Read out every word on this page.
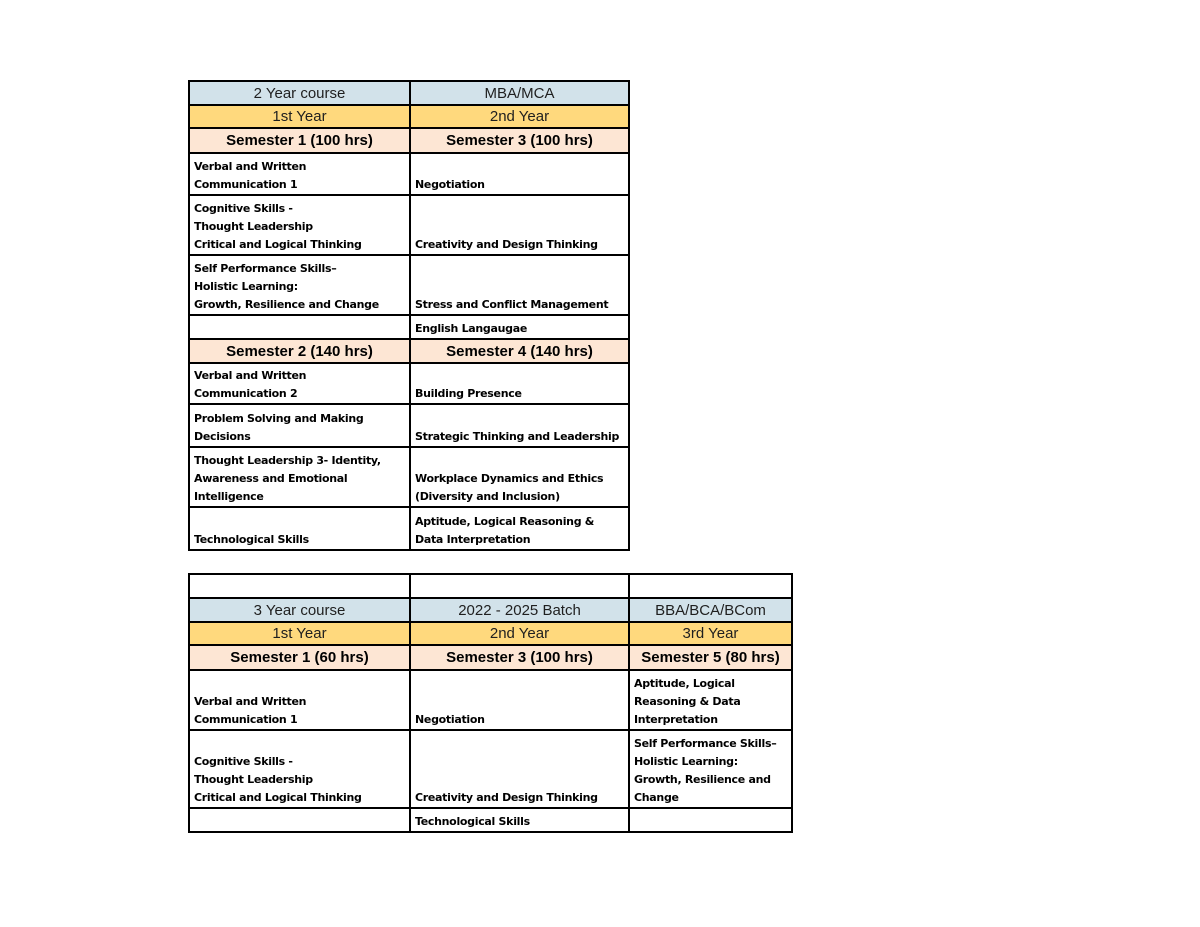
2 Year course	MBA/MCA
1st Year	2nd Year
Semester 1 (100 hrs)	Semester 3 (100 hrs)
Verbal and Written
Communication 1	Negotiation
Cognitive Skills -
Thought Leadership
Critical and Logical Thinking	Creativity and Design Thinking
Self Performance Skills–
Holistic Learning:
Growth, Resilience and Change	Stress and Conflict Management
	English Langaugae
Semester 2 (140 hrs)	Semester 4 (140 hrs)
Verbal and Written
Communication 2	Building Presence
Problem Solving and Making
Decisions	Strategic Thinking and Leadership
Thought Leadership 3- Identity,
Awareness and Emotional
Intelligence	Workplace Dynamics and Ethics
(Diversity and Inclusion)
Technological Skills	Aptitude, Logical Reasoning &
Data Interpretation

3 Year course	2022 - 2025 Batch	BBA/BCA/BCom
1st Year	2nd Year	3rd Year
Semester 1 (60 hrs)	Semester 3 (100 hrs)	Semester 5 (80 hrs)
Verbal and Written
Communication 1	Negotiation	Aptitude, Logical
Reasoning & Data
Interpretation
Cognitive Skills -
Thought Leadership
Critical and Logical Thinking	Creativity and Design Thinking	Self Performance Skills–
Holistic Learning:
Growth, Resilience and
Change
	Technological Skills	
